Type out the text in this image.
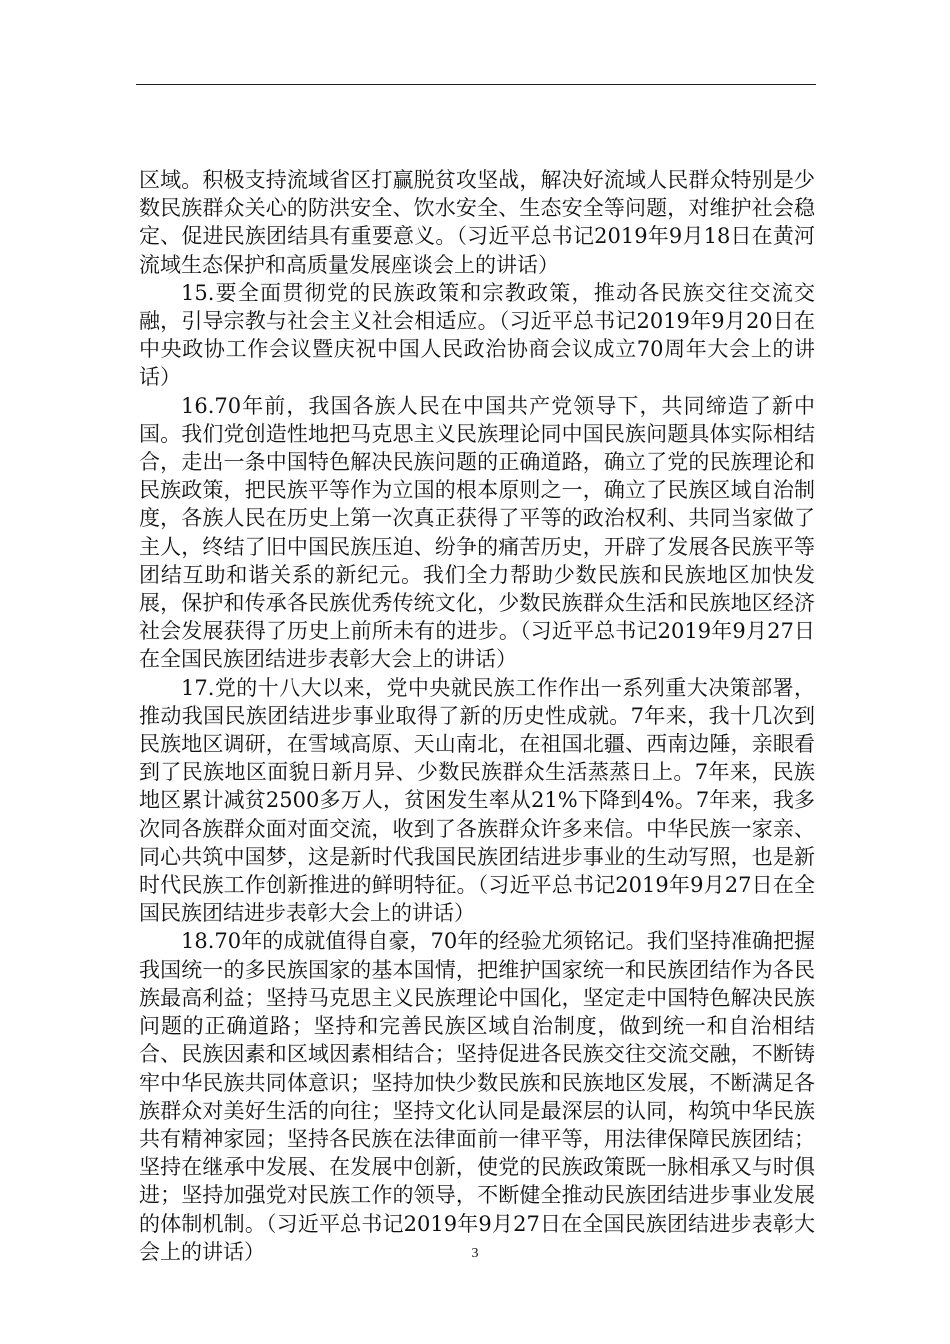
区域。积极支持流域省区打赢脱贫攻坚战，解决好流域人民群众特别是少数民族群众关心的防洪安全、饮水安全、生态安全等问题，对维护社会稳定、促进民族团结具有重要意义。（习近平总书记2019年9月18日在黄河流域生态保护和高质量发展座谈会上的讲话）

15.要全面贯彻党的民族政策和宗教政策，推动各民族交往交流交融，引导宗教与社会主义社会相适应。（习近平总书记2019年9月20日在中央政协工作会议暨庆祝中国人民政治协商会议成立70周年大会上的讲话）

16.70年前，我国各族人民在中国共产党领导下，共同缔造了新中国。我们党创造性地把马克思主义民族理论同中国民族问题具体实际相结合，走出一条中国特色解决民族问题的正确道路，确立了党的民族理论和民族政策，把民族平等作为立国的根本原则之一，确立了民族区域自治制度，各族人民在历史上第一次真正获得了平等的政治权利、共同当家做了主人，终结了旧中国民族压迫、纷争的痛苦历史，开辟了发展各民族平等团结互助和谐关系的新纪元。我们全力帮助少数民族和民族地区加快发展，保护和传承各民族优秀传统文化，少数民族群众生活和民族地区经济社会发展获得了历史上前所未有的进步。（习近平总书记2019年9月27日在全国民族团结进步表彰大会上的讲话）

17.党的十八大以来，党中央就民族工作作出一系列重大决策部署，推动我国民族团结进步事业取得了新的历史性成就。7年来，我十几次到民族地区调研，在雪域高原、天山南北，在祖国北疆、西南边陲，亲眼看到了民族地区面貌日新月异、少数民族群众生活蒸蒸日上。7年来，民族地区累计减贫2500多万人，贫困发生率从21%下降到4%。7年来，我多次同各族群众面对面交流，收到了各族群众许多来信。中华民族一家亲、同心共筑中国梦，这是新时代我国民族团结进步事业的生动写照，也是新时代民族工作创新推进的鲜明特征。（习近平总书记2019年9月27日在全国民族团结进步表彰大会上的讲话）

18.70年的成就值得自豪，70年的经验尤须铭记。我们坚持准确把握我国统一的多民族国家的基本国情，把维护国家统一和民族团结作为各民族最高利益；坚持马克思主义民族理论中国化，坚定走中国特色解决民族问题的正确道路；坚持和完善民族区域自治制度，做到统一和自治相结合、民族因素和区域因素相结合；坚持促进各民族交往交流交融，不断铸牢中华民族共同体意识；坚持加快少数民族和民族地区发展，不断满足各族群众对美好生活的向往；坚持文化认同是最深层的认同，构筑中华民族共有精神家园；坚持各民族在法律面前一律平等，用法律保障民族团结；坚持在继承中发展、在发展中创新，使党的民族政策既一脉相承又与时俱进；坚持加强党对民族工作的领导，不断健全推动民族团结进步事业发展的体制机制。（习近平总书记2019年9月27日在全国民族团结进步表彰大会上的讲话）	3
